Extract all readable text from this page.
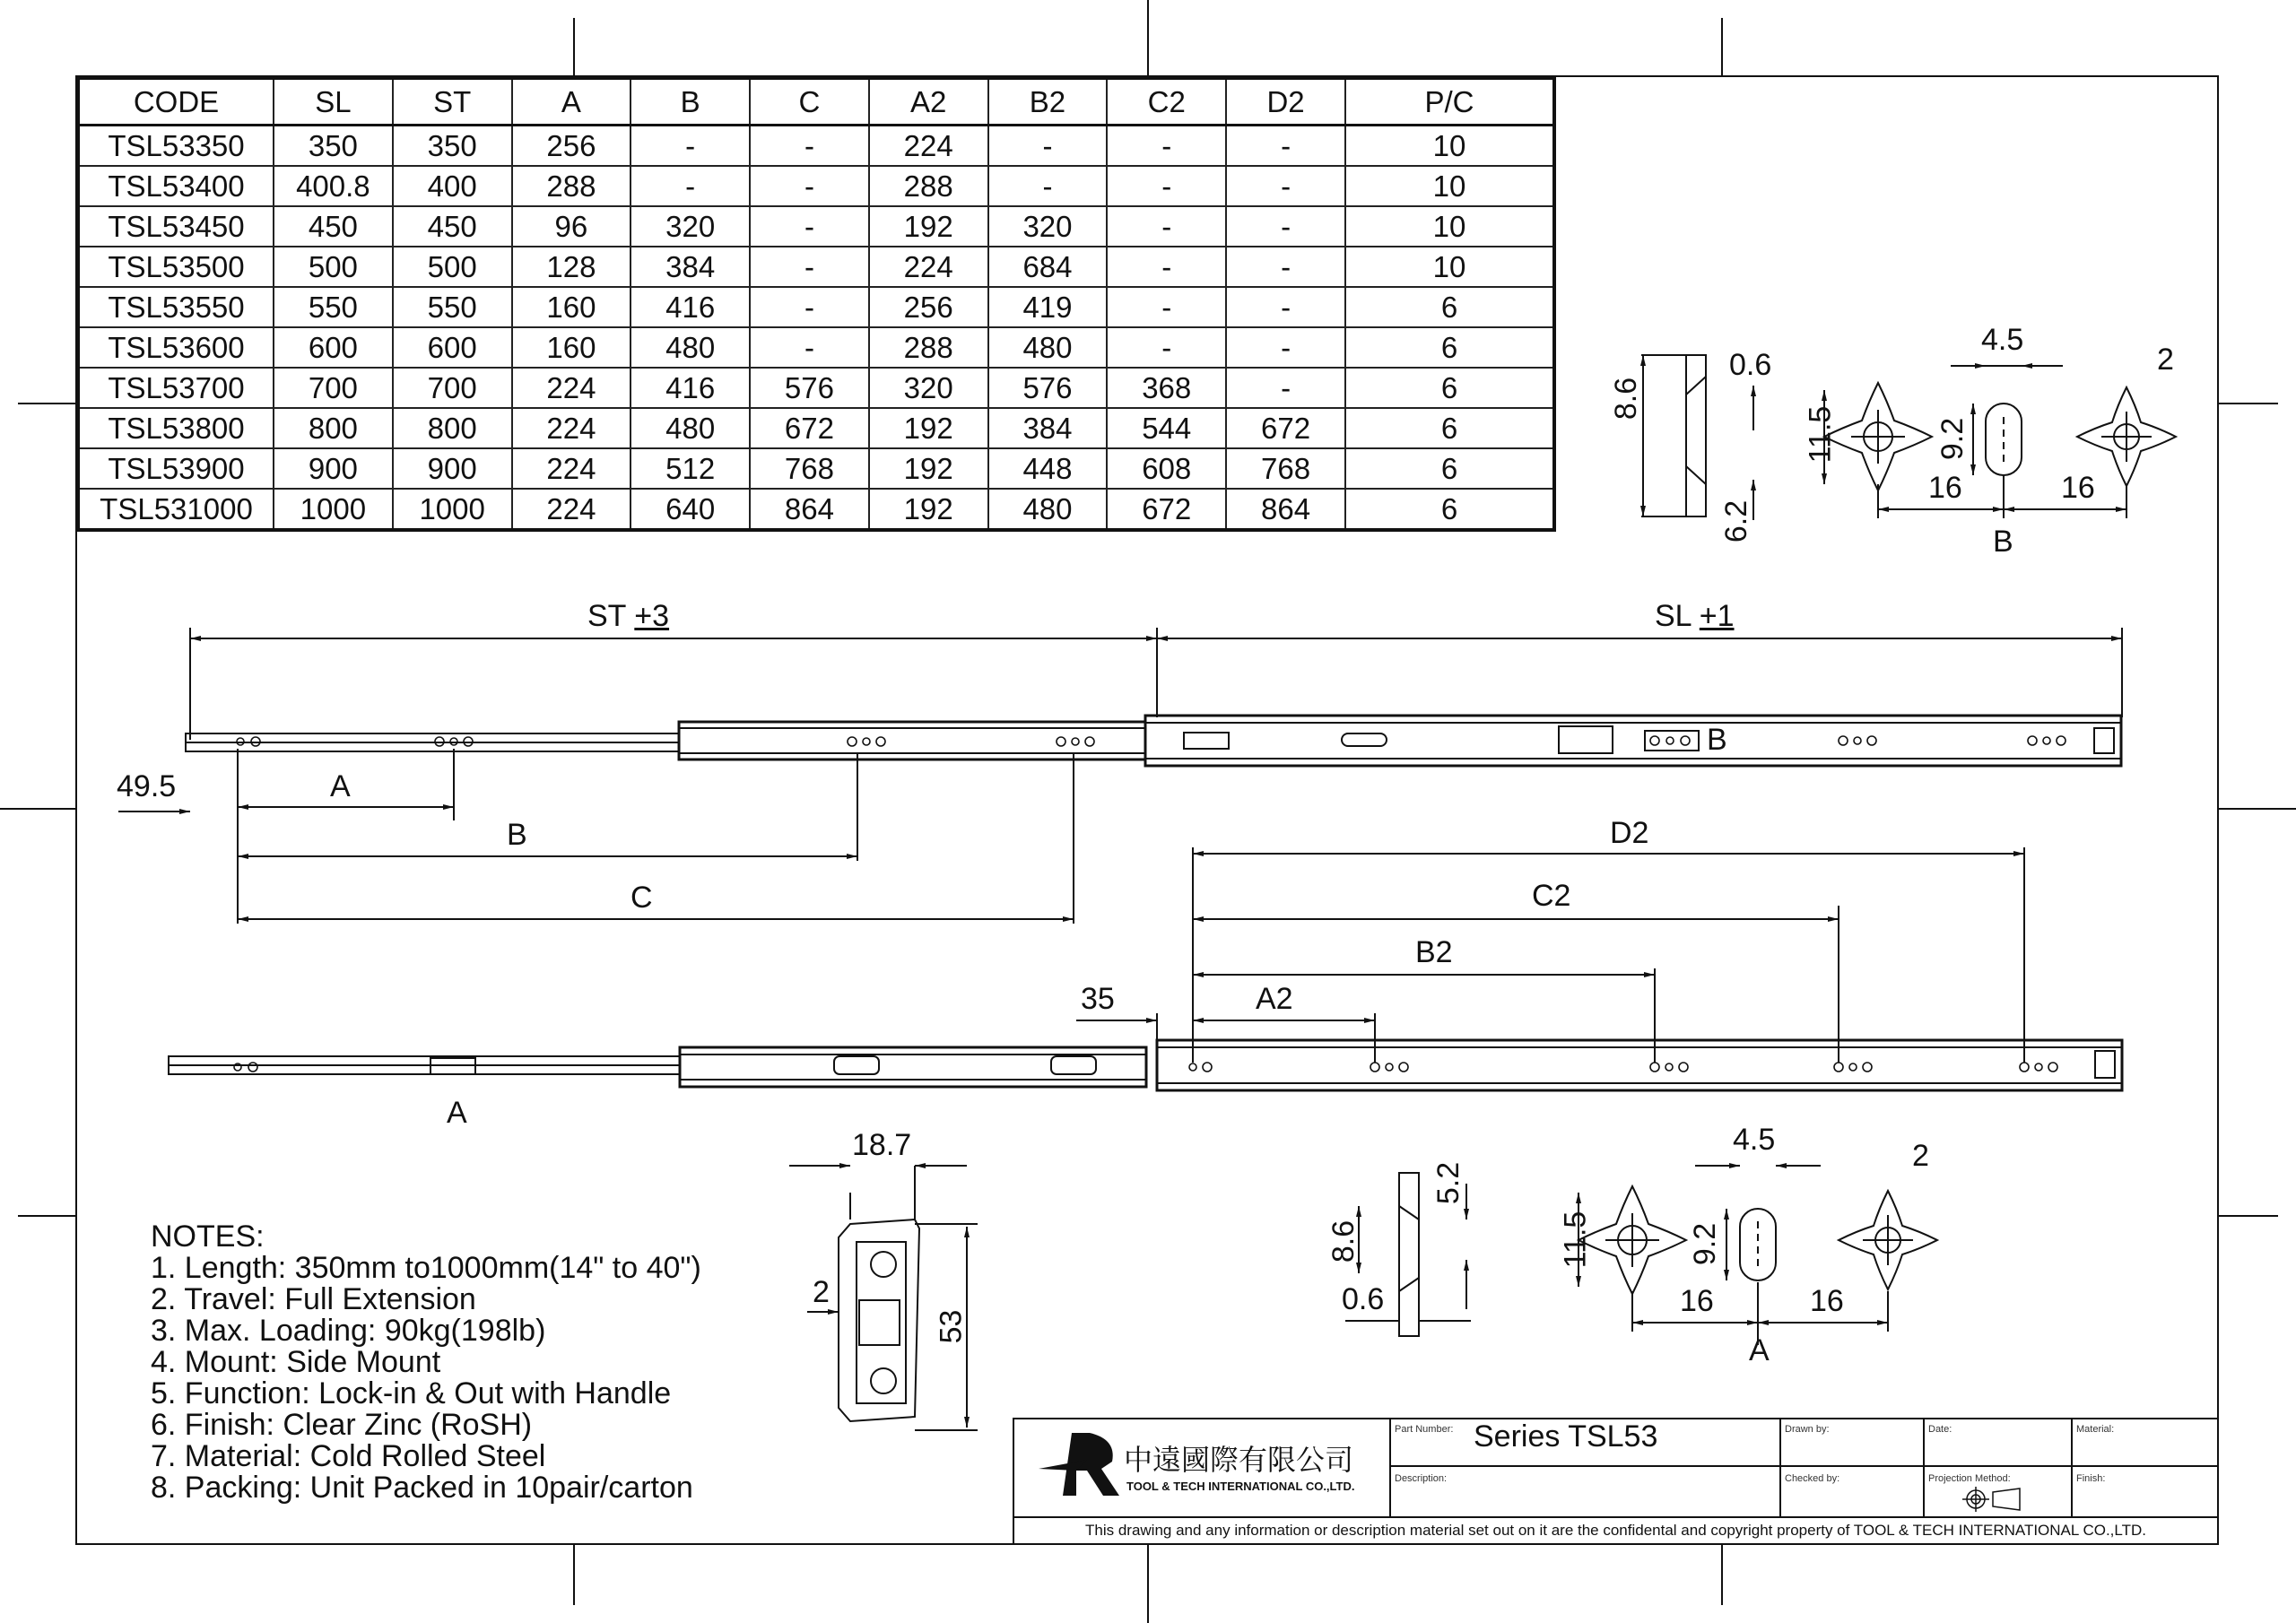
CODE	SL	ST	A	B	C	A2	B2	C2	D2	P/C
TSL53350	350	350	256	-	-	224	-	-	-	10
TSL53400	400.8	400	288	-	-	288	-	-	-	10
TSL53450	450	450	96	320	-	192	320	-	-	10
TSL53500	500	500	128	384	-	224	684	-	-	10
TSL53550	550	550	160	416	-	256	419	-	-	6
TSL53600	600	600	160	480	-	288	480	-	-	6
TSL53700	700	700	224	416	576	320	576	368	-	6
TSL53800	800	800	224	480	672	192	384	544	672	6
TSL53900	900	900	224	512	768	192	448	608	768	6
TSL531000	1000	1000	224	640	864	192	480	672	864	6
ST +3	SL +1
49.5	A
B
C
B
D2
C2
B2
A2
35
A
8.6
0.6
6.2
11.5
4.5
9.2
2
16	16
B
8.6
0.6
5.2
11.5
4.5
9.2
2
16	16
A
18.7
53
2
NOTES:
1. Length: 350mm to1000mm(14" to 40")
2. Travel: Full Extension
3. Max. Loading: 90kg(198lb)
4. Mount: Side Mount
5. Function: Lock-in & Out with Handle
6. Finish: Clear Zinc (RoSH)
7. Material: Cold Rolled Steel
8. Packing: Unit Packed in 10pair/carton
中遠國際有限公司
TOOL & TECH INTERNATIONAL CO.,LTD.
Part Number: Series TSL53
Description:
Drawn by:
Checked by:
Date:
Projection Method:
Material:
Finish:
This drawing and any information or description material set out on it are the confidental and copyright property of TOOL & TECH INTERNATIONAL CO.,LTD.
